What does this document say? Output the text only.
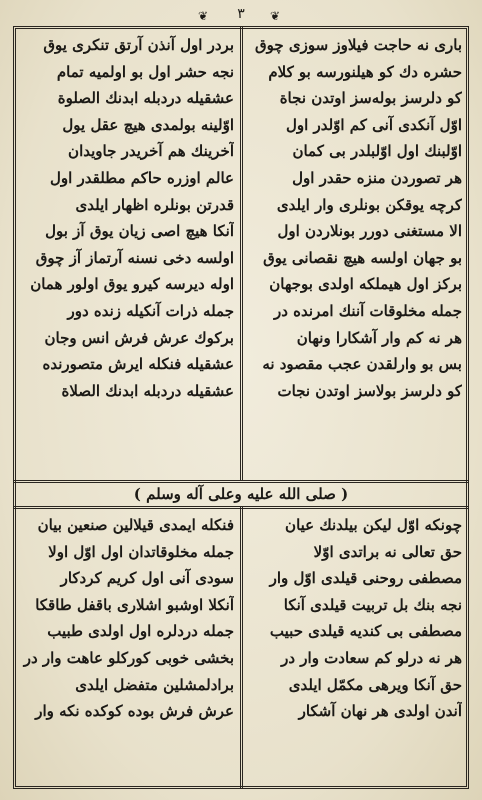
٣
❦	❦
بارى نه حاجت فيلاوز سوزى چوق
حشره دك كو هيلنورسه بو كلام
كو دلرسز بوله‌سز اوتدن نجاة
اوّل آنكدى آنى كم اوّلدر اول
اوّلبنك اول اوّلبلدر بى كمان
هر تصوردن منزه حقدر اول
كرچه يوقكن بونلرى وار ايلدى
الا مستغنى دورر بونلاردن اول
بو جهان اولسه هيچ نقصانى يوق
بركز اول هيملكه اولدى بوجهان
جمله مخلوقات آننك امرنده در
هر نه كم وار آشكارا ونهان
بس بو وارلقدن عجب مقصود نه
كو دلرسز بولاسز اوتدن نجات
بردر اول آنذن آرتق تنكرى يوق
نجه حشر اول بو اولميه تمام
عشقيله دردبله ابدنك الصلوة
اوّلينه بولمدى هيچ عقل يول
آخرينك هم آخريدر جاويدان
عالم اوزره حاكم مطلقدر اول
قدرتن بونلره اظهار ايلدى
آنكا هيچ اصى زيان يوق آز بول
اولسه دخى نسنه آرتماز آز چوق
اوله ديرسه كيرو يوق اولور همان
جمله ذرات آنكيله زنده دور
بركوك عرش فرش انس وجان
عشقيله فنكله ايرش متصورنده
عشقيله دردبله ابدنك الصلاة
( صلى الله عليه وعلى آله وسلم )
چونكه اوّل ليكن بيلدنك عيان
حق تعالى نه براتدى اوّلا
مصطفى روحنى قيلدى اوّل وار
نجه بنك بل تربيت قيلدى آنكا
مصطفى بى كنديه قيلدى حبيب
هر نه درلو كم سعادت وار در
حق آنكا ويرهى مكمّل ايلدى
آندن اولدى هر نهان آشكار
فنكله ايمدى قيلالين صنعين بيان
جمله مخلوقاتدان اول اوّل اولا
سودى آنى اول كريم كردكار
آنكلا اوشبو اشلارى باقفل طاقكا
جمله دردلره اول اولدى طبيب
بخشى خوبى كوركلو عاهت وار در
برادلمشلين متفضل ايلدى
عرش فرش بوده كوكده نكه وار
